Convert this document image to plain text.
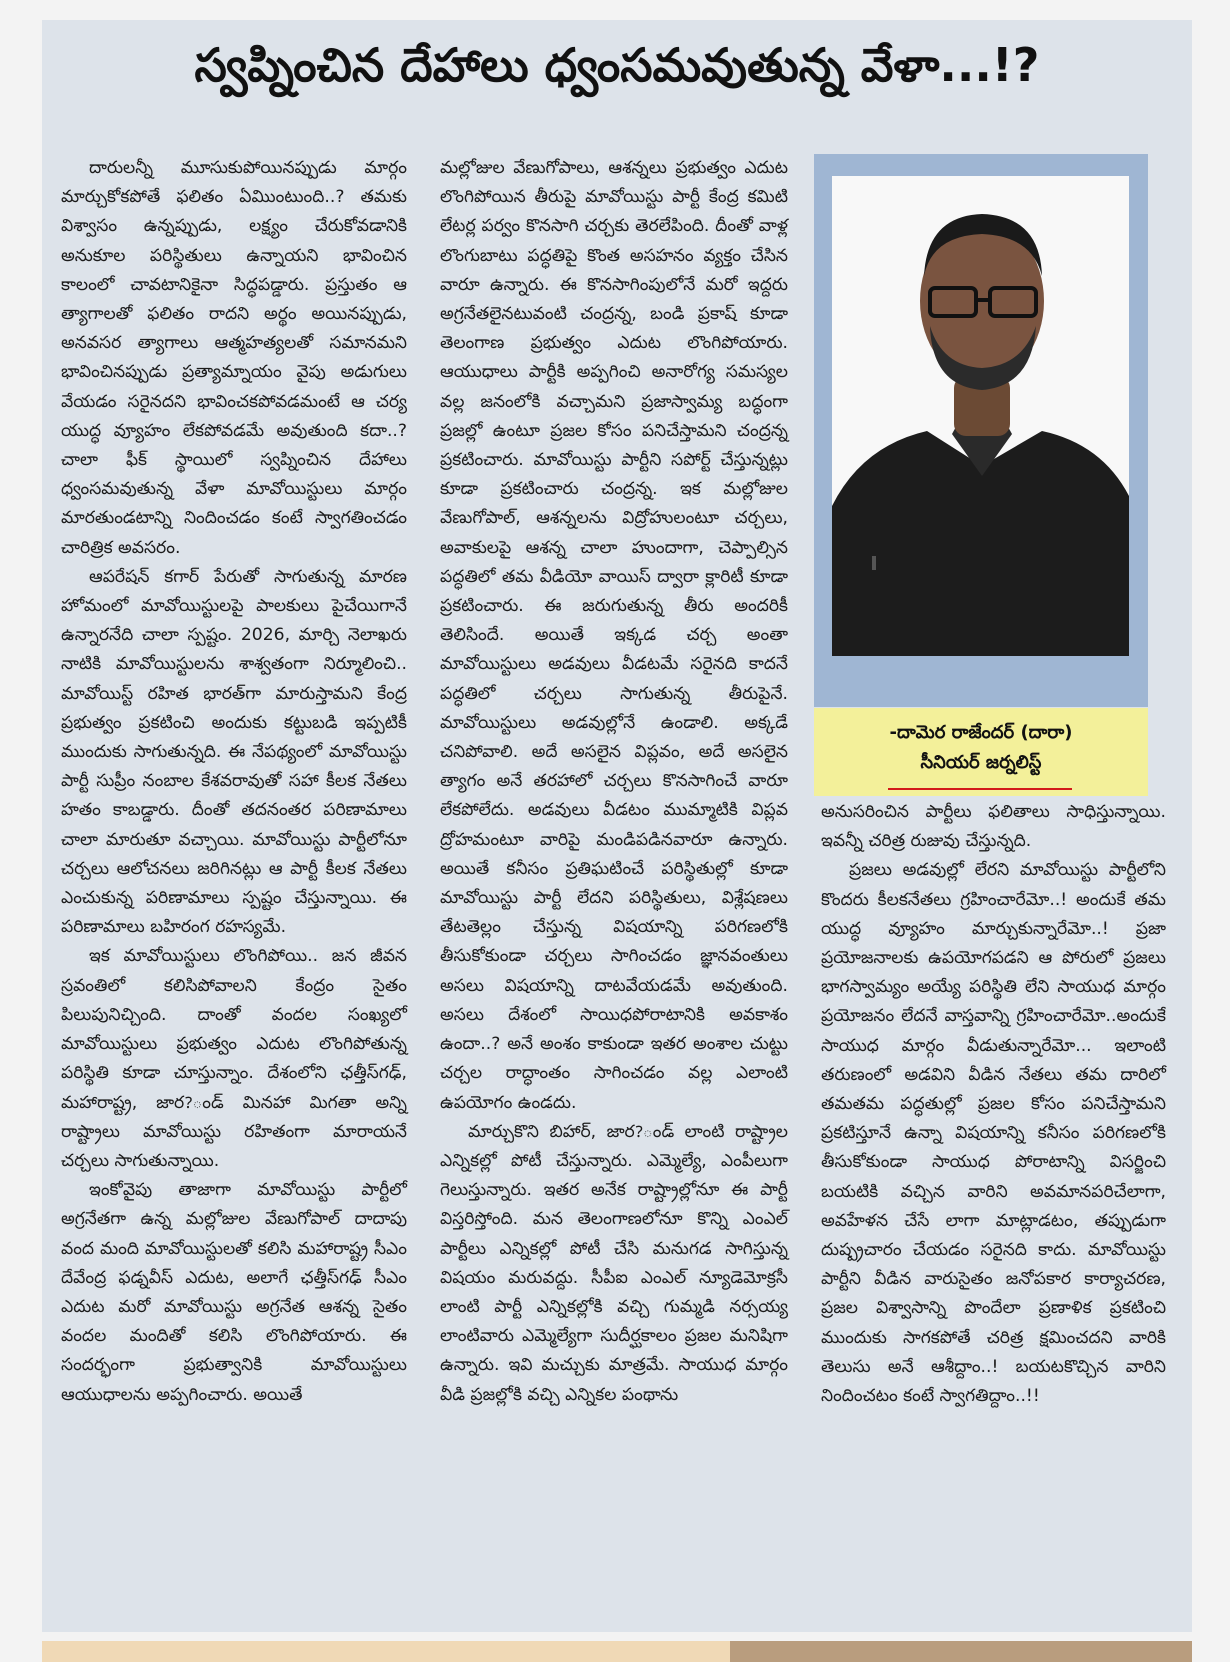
స్వప్నించిన దేహాలు ధ్వంసమవుతున్న వేళా...!?

దారులన్నీ మూసుకుపోయినప్పుడు మార్గం మార్చుకోకపోతే ఫలితం ఏమిుంటుంది..? తమకు విశ్వాసం ఉన్నప్పుడు, లక్ష్యం చేరుకోవడానికి అనుకూల పరిస్థితులు ఉన్నాయని భావించిన కాలంలో చావటానికైనా సిద్ధపడ్డారు. ప్రస్తుతం ఆ త్యాగాలతో ఫలితం రాదని అర్థం అయినప్పుడు, అనవసర త్యాగాలు ఆత్మహత్యలతో సమానమని భావించినప్పుడు ప్రత్యామ్నాయం వైపు అడుగులు వేయడం సరైనదని భావించకపోవడమంటే ఆ చర్య యుద్ధ వ్యూహం లేకపోవడమే అవుతుంది కదా..? చాలా ఫీక్ స్థాయిలో స్వప్నించిన దేహాలు ధ్వంసమవుతున్న వేళా మావోయిస్టులు మార్గం మారతుండటాన్ని నిందించడం కంటే స్వాగతించడం చారిత్రిక అవసరం.

ఆపరేషన్ కగార్ పేరుతో సాగుతున్న మారణ హోమంలో మావోయిస్టులపై పాలకులు పైచేయిగానే ఉన్నారనేది చాలా స్పష్టం. 2026, మార్చి నెలాఖరు నాటికి మావోయిస్టులను శాశ్వతంగా నిర్మూలించి.. మావోయిస్ట్ రహిత భారత్‌గా మారుస్తామని కేంద్ర ప్రభుత్వం ప్రకటించి అందుకు కట్టుబడి ఇప్పటికీ ముందుకు సాగుతున్నది. ఈ నేపథ్యంలో మావోయిస్టు పార్టీ సుప్రీం నంబాల కేశవరావుతో సహా కీలక నేతలు హతం కాబడ్డారు. దీంతో తదనంతర పరిణామాలు చాలా మారుతూ వచ్చాయి. మావోయిస్టు పార్టీలోనూ చర్చలు ఆలోచనలు జరిగినట్లు ఆ పార్టీ కీలక నేతలు ఎంచుకున్న పరిణామాలు స్పష్టం చేస్తున్నాయి. ఈ పరిణామాలు బహిరంగ రహస్యమే.

ఇక మావోయిస్టులు లొంగిపోయి.. జన జీవన స్రవంతిలో కలిసిపోవాలని కేంద్రం సైతం పిలుపునిచ్చింది. దాంతో వందల సంఖ్యలో మావోయిస్టులు ప్రభుత్వం ఎదుట లొంగిపోతున్న పరిస్థితి కూడా చూస్తున్నాం. దేశంలోని ఛత్తీస్‌గఢ్, మహారాష్ట్ర, జార?ండ్ మినహా మిగతా అన్ని రాష్ట్రాలు మావోయిస్టు రహితంగా మారాయనే చర్చలు సాగుతున్నాయి.

ఇంకోవైపు తాజాగా మావోయిస్టు పార్టీలో అగ్రనేతగా ఉన్న మల్లోజుల వేణుగోపాల్ దాదాపు వంద మంది మావోయిస్టులతో కలిసి మహారాష్ట్ర సీఎం దేవేంద్ర ఫడ్నవీస్ ఎదుట, అలాగే ఛత్తీస్‌గఢ్ సీఎం ఎదుట మరో మావోయిస్టు అగ్రనేత ఆశన్న సైతం వందల మందితో కలిసి లొంగిపోయారు. ఈ సందర్భంగా ప్రభుత్వానికి మావోయిస్టులు ఆయుధాలను అప్పగించారు. అయితే

మల్లోజుల వేణుగోపాలు, ఆశన్నలు ప్రభుత్వం ఎదుట లొంగిపోయిన తీరుపై మావోయిస్టు పార్టీ కేంద్ర కమిటి లేటర్ల పర్వం కొనసాగి చర్చకు తెరలేపింది. దీంతో వాళ్ల లొంగుబాటు పద్ధతిపై కొంత అసహనం వ్యక్తం చేసిన వారూ ఉన్నారు. ఈ కొనసాగింపులోనే మరో ఇద్దరు అగ్రనేతలైనటువంటి చంద్రన్న, బండి ప్రకాష్ కూడా తెలంగాణ ప్రభుత్వం ఎదుట లొంగిపోయారు. ఆయుధాలు పార్టీకి అప్పగించి అనారోగ్య సమస్యల వల్ల జనంలోకి వచ్చామని ప్రజాస్వామ్య బద్ధంగా ప్రజల్లో ఉంటూ ప్రజల కోసం పనిచేస్తామని చంద్రన్న ప్రకటించారు. మావోయిస్టు పార్టీని సపోర్ట్ చేస్తున్నట్లు కూడా ప్రకటించారు చంద్రన్న. ఇక మల్లోజుల వేణుగోపాల్, ఆశన్నలను విద్రోహులంటూ చర్చలు, అవాకులపై ఆశన్న చాలా హుందాగా, చెప్పాల్సిన పద్ధతిలో తమ వీడియో వాయిస్ ద్వారా క్లారిటీ కూడా ప్రకటించారు. ఈ జరుగుతున్న తీరు అందరికీ తెలిసిందే. అయితే ఇక్కడ చర్చ అంతా మావోయిస్టులు అడవులు వీడటమే సరైనది కాదనే పద్ధతిలో చర్చలు సాగుతున్న తీరుపైనే. మావోయిస్టులు అడవుల్లోనే ఉండాలి. అక్కడే చనిపోవాలి. అదే అసలైన విప్లవం, అదే అసలైన త్యాగం అనే తరహాలో చర్చలు కొనసాగించే వారూ లేకపోలేదు. అడవులు వీడటం ముమ్మాటికి విప్లవ ద్రోహమంటూ వారిపై మండిపడినవారూ ఉన్నారు. అయితే కనీసం ప్రతిఘటించే పరిస్థితుల్లో కూడా మావోయిస్టు పార్టీ లేదని పరిస్థితులు, విశ్లేషణలు తేటతెల్లం చేస్తున్న విషయాన్ని పరిగణలోకి తీసుకోకుండా చర్చలు సాగించడం జ్ఞానవంతులు అసలు విషయాన్ని దాటవేయడమే అవుతుంది. అసలు దేశంలో సాయిధపోరాటానికి అవకాశం ఉందా..? అనే అంశం కాకుండా ఇతర అంశాల చుట్టు చర్చల రాద్ధాంతం సాగించడం వల్ల ఎలాంటి ఉపయోగం ఉండదు.

మార్చుకొని బిహార్, జార?ండ్ లాంటి రాష్ట్రాల ఎన్నికల్లో పోటీ చేస్తున్నారు. ఎమ్మెల్యే, ఎంపీలుగా గెలుస్తున్నారు. ఇతర అనేక రాష్ట్రాల్లోనూ ఈ పార్టీ విస్తరిస్తోంది. మన తెలంగాణలోనూ కొన్ని ఎంఎల్ పార్టీలు ఎన్నికల్లో పోటీ చేసి మనుగడ సాగిస్తున్న విషయం మరువద్దు. సీపీఐ ఎంఎల్ న్యూడెమోక్రసీ లాంటి పార్టీ ఎన్నికల్లోకి వచ్చి గుమ్మడి నర్సయ్య లాంటివారు ఎమ్మెల్యేగా సుదీర్ఘకాలం ప్రజల మనిషిగా ఉన్నారు. ఇవి మచ్చుకు మాత్రమే. సాయుధ మార్గం వీడి ప్రజల్లోకి వచ్చి ఎన్నికల పంథాను

-దామెర రాజేందర్ (దారా)
సీనియర్ జర్నలిస్ట్

అనుసరించిన పార్టీలు ఫలితాలు సాధిస్తున్నాయి. ఇవన్నీ చరిత్ర రుజువు చేస్తున్నది.

ప్రజలు అడవుల్లో లేరని మావోయిస్టు పార్టీలోని కొందరు కీలకనేతలు గ్రహించారేమో..! అందుకే తమ యుద్ధ వ్యూహం మార్చుకున్నారేమో..! ప్రజా ప్రయోజనాలకు ఉపయోగపడని ఆ పోరులో ప్రజలు భాగస్వామ్యం అయ్యే పరిస్థితి లేని సాయుధ మార్గం ప్రయోజనం లేదనే వాస్తవాన్ని గ్రహించారేమో..అందుకే సాయుధ మార్గం వీడుతున్నారేమో... ఇలాంటి తరుణంలో అడవిని వీడిన నేతలు తమ దారిలో తమతమ పద్ధతుల్లో ప్రజల కోసం పనిచేస్తామని ప్రకటిస్తూనే ఉన్నా విషయాన్ని కనీసం పరిగణలోకి తీసుకోకుండా సాయుధ పోరాటాన్ని విసర్జించి బయటికి వచ్చిన వారిని అవమానపరిచేలాగా, అవహేళన చేసే లాగా మాట్లాడటం, తప్పుడుగా దుష్ప్రచారం చేయడం సరైనది కాదు. మావోయిస్టు పార్టీని వీడిన వారుసైతం జనోపకార కార్యాచరణ, ప్రజల విశ్వాసాన్ని పొందేలా ప్రణాళిక ప్రకటించి ముందుకు సాగకపోతే చరిత్ర క్షమించదని వారికి తెలుసు అనే ఆశీద్దాం..! బయటకొచ్చిన వారిని నిందించటం కంటే స్వాగతిద్దాం..!!
